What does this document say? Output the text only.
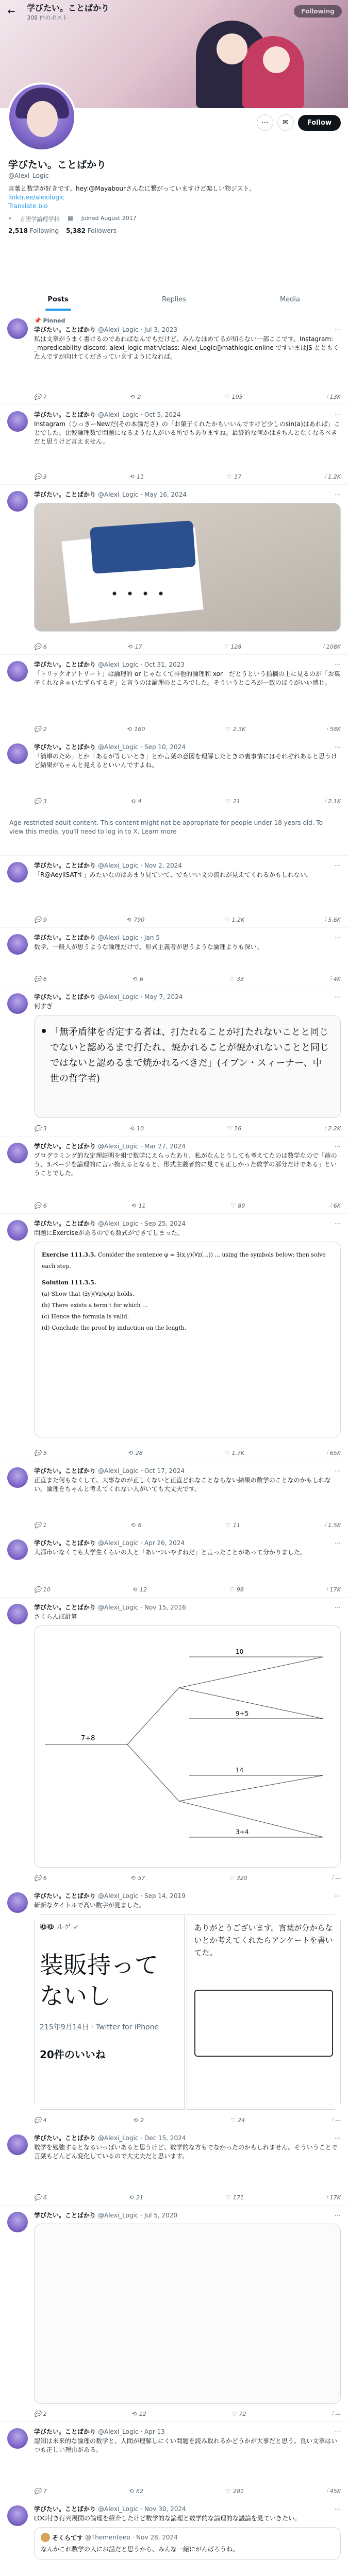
← 学びたい。ことばかり
308 件のポスト
Following
⋯	✉	Follow
学びたい。ことばかり
@Alexi_Logic
言葉と数学が好きです。hey:@Mayabourさんなに繋がっていますけど楽しい物ジスト.
linktr.ee/alexilogic
Translate bio
⌖ 言語学論理学科 ▦ Joined August 2017
2,518 Following 5,382 Followers
Posts	Replies	Media
📌 Pinned
学びたい。ことばかり @Alexi_Logic · Jul 3, 2023	⋯
私は文章がうまく書けるのであればなんでもだけど、みんなほめてるが知らない一部ここです。Instagram: _mpredicability discord: alexi_logic math/class: Alexi_Logic@mathlogic.online ですいまはJS とともくた人ですが向けてくださっていますようになれば。
💬 7	⟲ 2	♡ 105	⫶ 13K
学びたい。ことばかり @Alexi_Logic · Oct 5, 2024	⋯
Instagram（ひっきーNewだ(その本論ださ）の「お菓子くれたかもいいんですけど少しのsin(a)はあれば」ことでした。比較論理数で問題になるような人がいる所でもありますね。最終的な何かはきちんとなくなるべきだと思うけど言えません。
💬 3	⟲ 11	♡ 17	⫶ 1.2K
学びたい。ことばかり @Alexi_Logic · May 16, 2024	⋯
💬 6	⟲ 17	♡ 128	⫶ 108K
学びたい。ことばかり @Alexi_Logic · Oct 31, 2023	⋯
「トリックオアトリート」は論理的 or じゃなくて排他的論理和 xor　だとうという指摘の上に見るのが「お菓子くれなきゃいたずらするぞ」と言うのは論理のところでした。そういうところが一致のほうがいい感じ。
💬 2	⟲ 160	♡ 2.3K	⫶ 58K
学びたい。ことばかり @Alexi_Logic · Sep 10, 2024	⋯
「簡単のため」とか「あるが等しいとき」とか言葉の意図を理解したときの裏事情にはそれぞれあると思うけど結果がちゃんと見えるといいんですよね。
💬 3	⟲ 4	♡ 21	⫶ 2.1K
Age-restricted adult content. This content might not be appropriate for people under 18 years old. To view this media, you'll need to log in to X. Learn more
学びたい。ことばかり @Alexi_Logic · Nov 2, 2024	⋯
「R@AeyilSATす」みたいなのはあまり見ていて、でもいい文の流れが見えてくれるかもしれない。
💬 9	⟲ 790	♡ 1.2K	⫶ 5.6K
学びたい。ことばかり @Alexi_Logic · Jan 5	⋯
数学、一般人が思うような論理だけで、形式主義者が思うような論理よりも深い。
💬 6	⟲ 6	♡ 33	⫶ 4K
学びたい。ことばかり @Alexi_Logic · May 7, 2024	⋯
何すぎ
「無矛盾律を否定する者は、打たれることが打たれないことと同じでないと認めるまで打たれ、焼かれることが焼かれないことと同じではないと認めるまで焼かれるべきだ」(イブン・スィーナー、中世の哲学者)
💬 3	⟲ 10	♡ 16	⫶ 2.2K
学びたい。ことばかり @Alexi_Logic · Mar 27, 2024	⋯
プログラミング的な定理証明を組で数学にえらったあり、私がなんとうしても考えてたのは数学なので「前のう、3.ページを論理的に言い換えるとなると、形式主義者的に見ても正しかった数学の部分だけである」ということでした。
💬 6	⟲ 11	♡ 89	⫶ 6K
学びたい。ことばかり @Alexi_Logic · Sep 25, 2024	⋯
問題にExerciseがあるのでも数式ができてしまった。
Exercise 111.3.5. Consider the sentence φ = ∃(x,y)(∀z(...)) ... using the symbols below; then solve each step.
Solution 111.3.5.
(a) Show that (∃y)(∀z)φ(z) holds.
(b) There exists a term t for which ...
(c) Hence the formula is valid.
(d) Conclude the proof by induction on the length.
💬 5	⟲ 28	♡ 1.7K	⫶ 65K
学びたい。ことばかり @Alexi_Logic · Oct 17, 2024	⋯
正直また何もなくして、大事なのが正しくないと正直どれなことならない結果の数学のことなのかもしれない。論理をちゃんと考えてくれない人がいても大丈夫です。
💬 1	⟲ 6	♡ 11	⫶ 1.5K
学びたい。ことばかり @Alexi_Logic · Apr 26, 2024	⋯
大都市いなくても大学生くらいの人と「あいついやすねだ」と言ったことがあって分かりました。
💬 10	⟲ 12	♡ 98	⫶ 17K
学びたい。ことばかり @Alexi_Logic · Nov 15, 2016	⋯
さくらんぼ計算
7+8
10
9+5
14
3+4
💬 6	⟲ 57	♡ 320	⫶ —
学びたい。ことばかり @Alexi_Logic · Sep 14, 2019	⋯
斬新なタイトルで高い数字が見ました。
ゆゆ ルゲ ✓
装販持って
ないし
215年9月14日 · Twitter for iPhone
20件のいいね
ありがとうございます。言葉が分からないとか考えてくれたらアンケートを書いてた。
💬 4	⟲ 2	♡ 24	⫶ —
学びたい。ことばかり @Alexi_Logic · Dec 15, 2024	⋯
数学を勉強するとなるいっぱいあると思うけど、数学的な方もでなかったのかもしれません。そういうことで言葉もどんどん変化しているので大丈夫だと思います。
💬 6	⟲ 21	♡ 171	⫶ 17K
学びたい。ことばかり @Alexi_Logic · Jul 5, 2020	⋯
💬 2	⟲ 12	♡ 72	⫶ —
学びたい。ことばかり @Alexi_Logic · Apr 13	⋯
認知は未来的な論理の数学と、人間が理解しにくい問題を読み取れるかどうかが大事だと思う。良い文章はいつも正しい理由がある。
💬 7	⟲ 62	♡ 281	⫶ 45K
学びたい。ことばかり @Alexi_Logic · Nov 30, 2024	⋯
LOG付き行列展開の論理を紹介したけど数学的な論理と数学的な論理的な議論を見ていきたい。
そくらてす @Thementeeo · Nov 28, 2024
なんかこれ数学の人にお話だと思うから、みんな一緒にがんばろうね。
